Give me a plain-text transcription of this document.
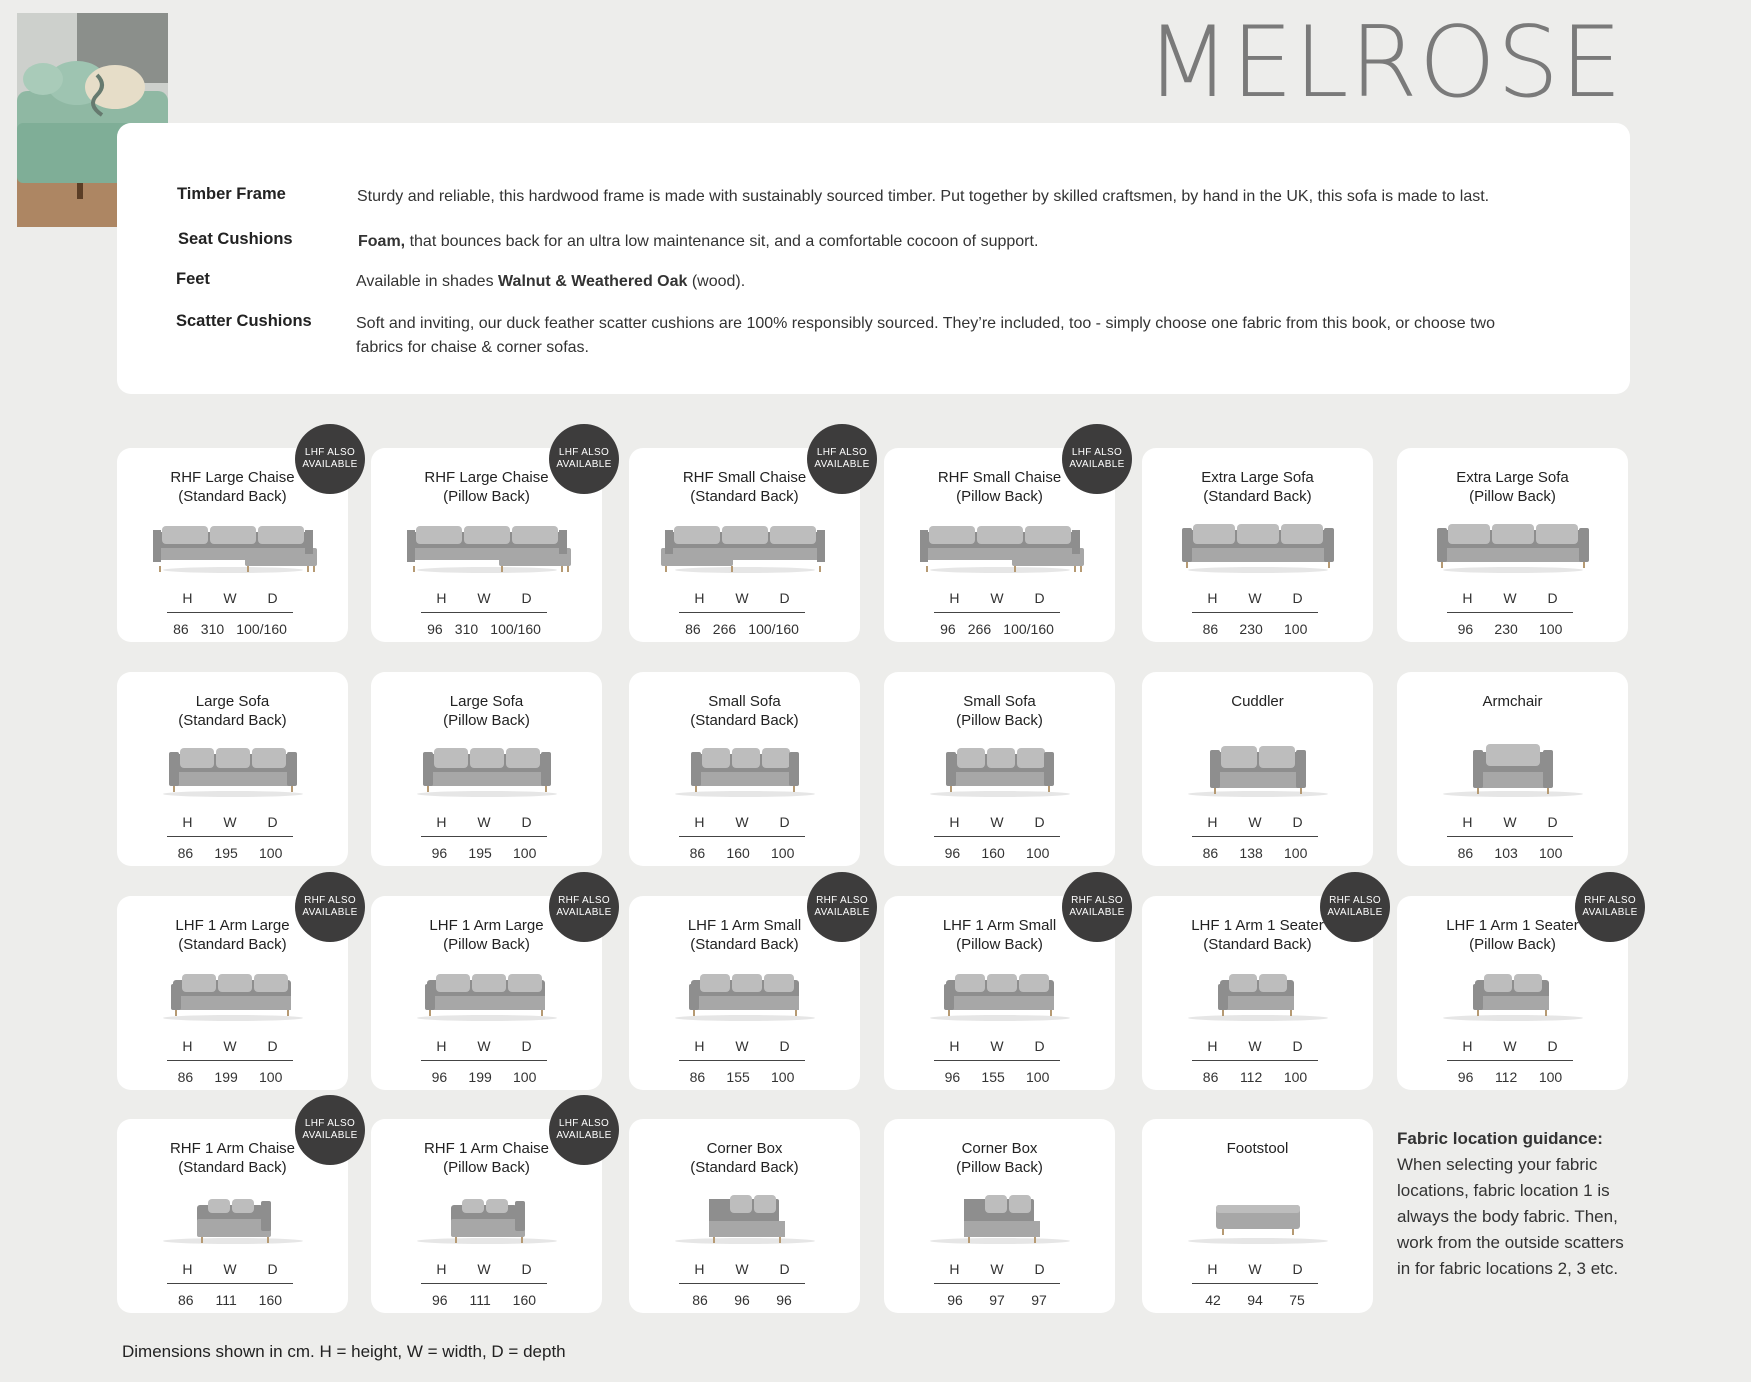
MELROSE
Timber Frame	Sturdy and reliable, this hardwood frame is made with sustainably sourced timber. Put together by skilled craftsmen, by hand in the UK, this sofa is made to last.
Seat Cushions	Foam, that bounces back for an ultra low maintenance sit, and a comfortable cocoon of support.
Feet	Available in shades Walnut & Weathered Oak (wood).
Scatter Cushions	Soft and inviting, our duck feather scatter cushions are 100% responsibly sourced. They’re included, too - simply choose one fabric from this book, or choose two fabrics for chaise & corner sofas.
RHF Large Chaise
(Standard Back)
H W D
86 310 100/160
LHF ALSO AVAILABLE
RHF Large Chaise
(Pillow Back)
H W D
96 310 100/160
LHF ALSO AVAILABLE
RHF Small Chaise
(Standard Back)
H W D
86 266 100/160
LHF ALSO AVAILABLE
RHF Small Chaise
(Pillow Back)
H W D
96 266 100/160
LHF ALSO AVAILABLE
Extra Large Sofa
(Standard Back)
H W D
86 230 100
Extra Large Sofa
(Pillow Back)
H W D
96 230 100
Large Sofa
(Standard Back)
H W D
86 195 100
Large Sofa
(Pillow Back)
H W D
96 195 100
Small Sofa
(Standard Back)
H W D
86 160 100
Small Sofa
(Pillow Back)
H W D
96 160 100
Cuddler
H W D
86 138 100
Armchair
H W D
86 103 100
LHF 1 Arm Large
(Standard Back)
H W D
86 199 100
RHF ALSO AVAILABLE
LHF 1 Arm Large
(Pillow Back)
H W D
96 199 100
RHF ALSO AVAILABLE
LHF 1 Arm Small
(Standard Back)
H W D
86 155 100
RHF ALSO AVAILABLE
LHF 1 Arm Small
(Pillow Back)
H W D
96 155 100
RHF ALSO AVAILABLE
LHF 1 Arm 1 Seater
(Standard Back)
H W D
86 112 100
RHF ALSO AVAILABLE
LHF 1 Arm 1 Seater
(Pillow Back)
H W D
96 112 100
RHF ALSO AVAILABLE
RHF 1 Arm Chaise
(Standard Back)
H W D
86 111 160
LHF ALSO AVAILABLE
RHF 1 Arm Chaise
(Pillow Back)
H W D
96 111 160
LHF ALSO AVAILABLE
Corner Box
(Standard Back)
H W D
86 96 96
Corner Box
(Pillow Back)
H W D
96 97 97
Footstool
H W D
42 94 75
Fabric location guidance: When selecting your fabric locations, fabric location 1 is always the body fabric. Then, work from the outside scatters in for fabric locations 2, 3 etc.
Dimensions shown in cm. H = height, W = width, D = depth
